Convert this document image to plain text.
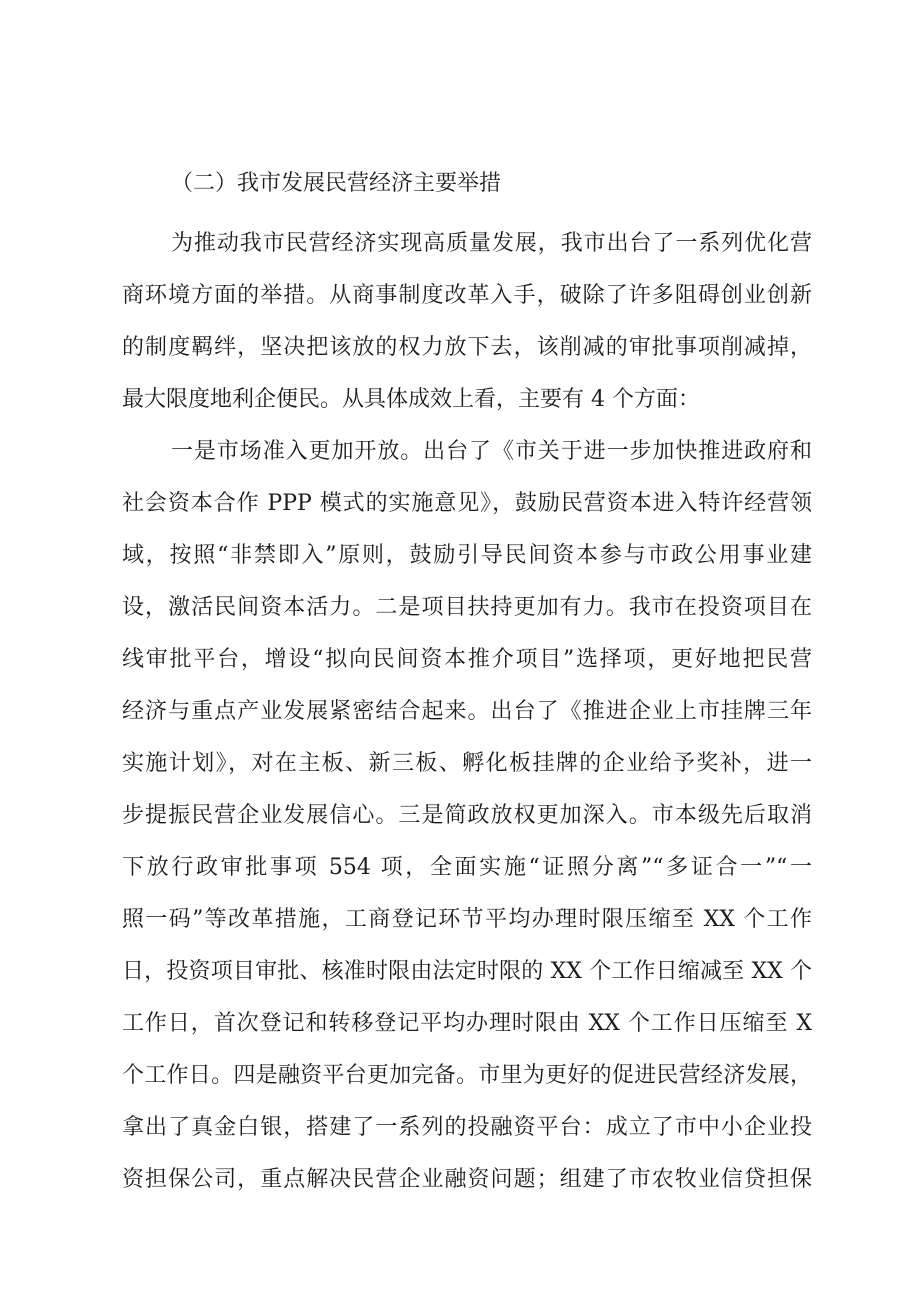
（二）我市发展民营经济主要举措
为推动我市民营经济实现高质量发展，我市出台了一系列优化营
商环境方面的举措。从商事制度改革入手，破除了许多阻碍创业创新
的制度羁绊，坚决把该放的权力放下去，该削减的审批事项削减掉，
最大限度地利企便民。从具体成效上看，主要有 4 个方面：
一是市场准入更加开放。出台了《市关于进一步加快推进政府和
社会资本合作 PPP 模式的实施意见》，鼓励民营资本进入特许经营领
域，按照“非禁即入”原则，鼓励引导民间资本参与市政公用事业建
设，激活民间资本活力。二是项目扶持更加有力。我市在投资项目在
线审批平台，增设“拟向民间资本推介项目”选择项，更好地把民营
经济与重点产业发展紧密结合起来。出台了《推进企业上市挂牌三年
实施计划》，对在主板、新三板、孵化板挂牌的企业给予奖补，进一
步提振民营企业发展信心。三是简政放权更加深入。市本级先后取消
下放行政审批事项 554 项，全面实施“证照分离”“多证合一”“一
照一码”等改革措施，工商登记环节平均办理时限压缩至 XX 个工作
日，投资项目审批、核准时限由法定时限的 XX 个工作日缩减至 XX 个
工作日，首次登记和转移登记平均办理时限由 XX 个工作日压缩至 X
个工作日。四是融资平台更加完备。市里为更好的促进民营经济发展，
拿出了真金白银，搭建了一系列的投融资平台：成立了市中小企业投
资担保公司，重点解决民营企业融资问题；组建了市农牧业信贷担保
